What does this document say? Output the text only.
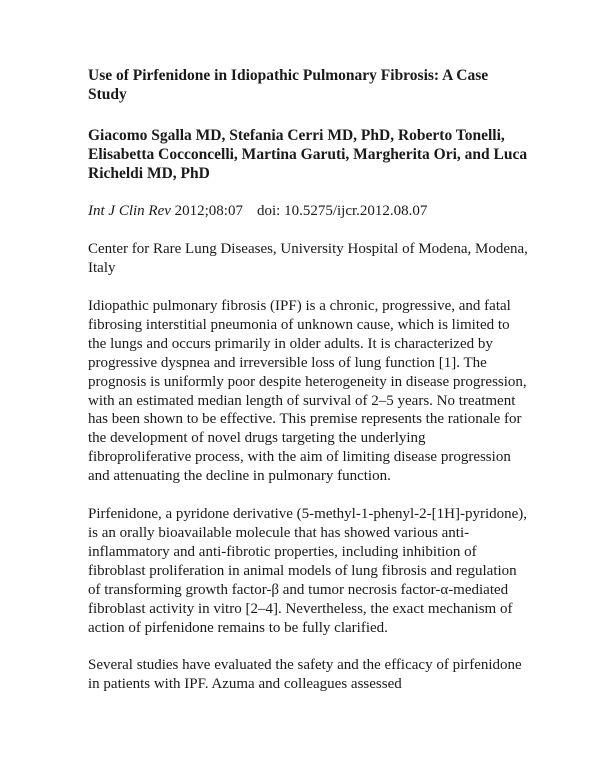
Use of Pirfenidone in Idiopathic Pulmonary Fibrosis: A Case Study
Giacomo Sgalla MD, Stefania Cerri MD, PhD, Roberto Tonelli, Elisabetta Cocconcelli, Martina Garuti, Margherita Ori, and Luca Richeldi MD, PhD
Int J Clin Rev 2012;08:07 doi: 10.5275/ijcr.2012.08.07
Center for Rare Lung Diseases, University Hospital of Modena, Modena, Italy
Idiopathic pulmonary fibrosis (IPF) is a chronic, progressive, and fatal fibrosing interstitial pneumonia of unknown cause, which is limited to the lungs and occurs primarily in older adults. It is characterized by progressive dyspnea and irreversible loss of lung function [1]. The prognosis is uniformly poor despite heterogeneity in disease progression, with an estimated median length of survival of 2–5 years. No treatment has been shown to be effective. This premise represents the rationale for the development of novel drugs targeting the underlying fibroproliferative process, with the aim of limiting disease progression and attenuating the decline in pulmonary function.
Pirfenidone, a pyridone derivative (5-methyl-1-phenyl-2-[1H]-pyridone), is an orally bioavailable molecule that has showed various anti-inflammatory and anti-fibrotic properties, including inhibition of fibroblast proliferation in animal models of lung fibrosis and regulation of transforming growth factor-β and tumor necrosis factor-α-mediated fibroblast activity in vitro [2–4]. Nevertheless, the exact mechanism of action of pirfenidone remains to be fully clarified.
Several studies have evaluated the safety and the efficacy of pirfenidone in patients with IPF. Azuma and colleagues assessed
